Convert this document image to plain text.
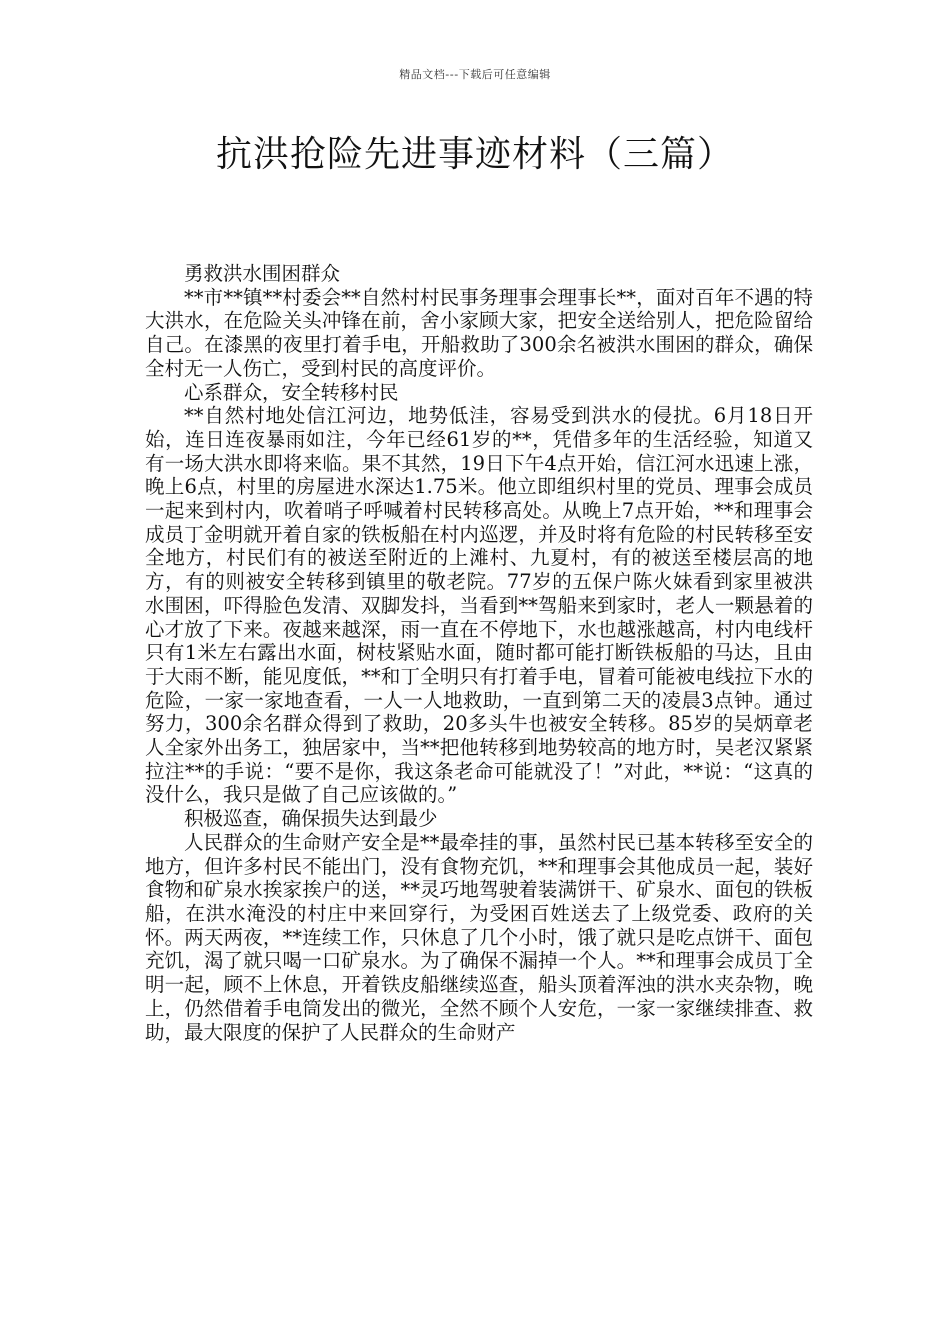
精品文档---下载后可任意编辑
抗洪抢险先进事迹材料（三篇）

勇救洪水围困群众

**市**镇**村委会**自然村村民事务理事会理事长**，面对百年不遇的特大洪水，在危险关头冲锋在前，舍小家顾大家，把安全送给别人，把危险留给自己。在漆黑的夜里打着手电，开船救助了300余名被洪水围困的群众，确保全村无一人伤亡，受到村民的高度评价。

心系群众，安全转移村民

**自然村地处信江河边，地势低洼，容易受到洪水的侵扰。6月18日开始，连日连夜暴雨如注，今年已经61岁的**，凭借多年的生活经验，知道又有一场大洪水即将来临。果不其然，19日下午4点开始，信江河水迅速上涨，晚上6点，村里的房屋进水深达1.75米。他立即组织村里的党员、理事会成员一起来到村内，吹着哨子呼喊着村民转移高处。从晚上7点开始，**和理事会成员丁金明就开着自家的铁板船在村内巡逻，并及时将有危险的村民转移至安全地方，村民们有的被送至附近的上滩村、九夏村，有的被送至楼层高的地方，有的则被安全转移到镇里的敬老院。77岁的五保户陈火妹看到家里被洪水围困，吓得脸色发清、双脚发抖，当看到**驾船来到家时，老人一颗悬着的心才放了下来。夜越来越深，雨一直在不停地下，水也越涨越高，村内电线杆只有1米左右露出水面，树枝紧贴水面，随时都可能打断铁板船的马达，且由于大雨不断，能见度低，**和丁全明只有打着手电，冒着可能被电线拉下水的危险，一家一家地查看，一人一人地救助，一直到第二天的凌晨3点钟。通过努力，300余名群众得到了救助，20多头牛也被安全转移。85岁的吴炳章老人全家外出务工，独居家中，当**把他转移到地势较高的地方时，吴老汉紧紧拉注**的手说：“要不是你，我这条老命可能就没了！”对此，**说：“这真的没什么，我只是做了自己应该做的。”

积极巡查，确保损失达到最少

人民群众的生命财产安全是**最牵挂的事，虽然村民已基本转移至安全的地方，但许多村民不能出门，没有食物充饥，**和理事会其他成员一起，装好食物和矿泉水挨家挨户的送，**灵巧地驾驶着装满饼干、矿泉水、面包的铁板船，在洪水淹没的村庄中来回穿行，为受困百姓送去了上级党委、政府的关怀。两天两夜，**连续工作，只休息了几个小时，饿了就只是吃点饼干、面包充饥，渴了就只喝一口矿泉水。为了确保不漏掉一个人。**和理事会成员丁全明一起，顾不上休息，开着铁皮船继续巡查，船头顶着浑浊的洪水夹杂物，晚上，仍然借着手电筒发出的微光，全然不顾个人安危，一家一家继续排查、救助，最大限度的保护了人民群众的生命财产
